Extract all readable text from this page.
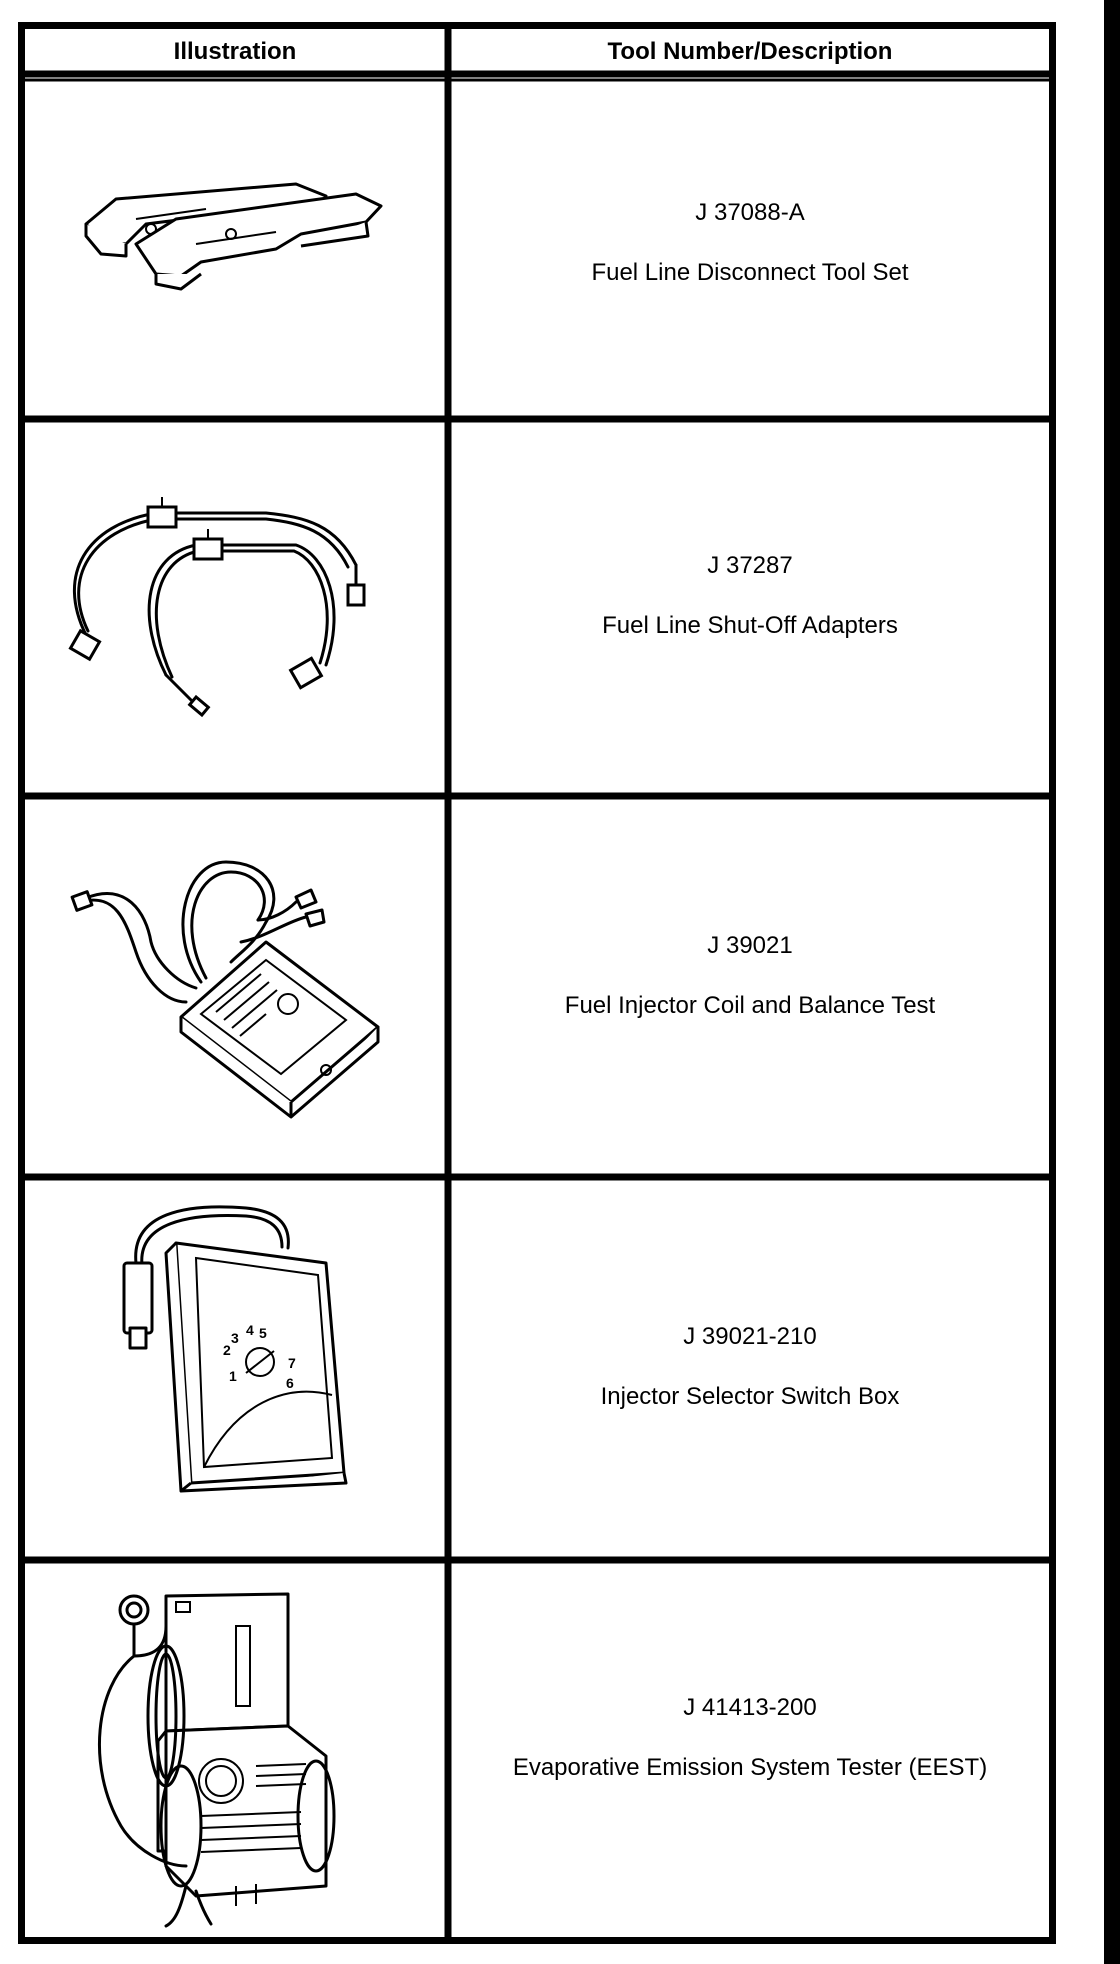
Illustration	Tool Number/Description
J 37088-A
Fuel Line Disconnect Tool Set
J 37287
Fuel Line Shut-Off Adapters
J 39021
Fuel Injector Coil and Balance Test
1
2
3 4 5
6
7
J 39021-210
Injector Selector Switch Box
J 41413-200
Evaporative Emission System Tester (EEST)
